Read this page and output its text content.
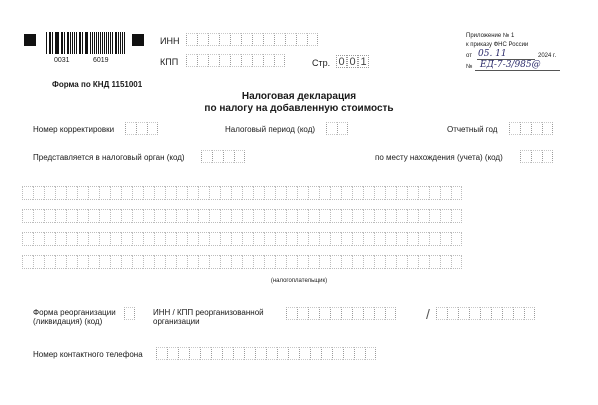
0031	6019
ИНН
КПП	Стр. 0 0 1
Приложение № 1
к приказу ФНС России
от 05. 11	2024 г.
№ ЕД-7-3/985@
Форма по КНД 1151001
Налоговая декларация
по налогу на добавленную стоимость
Номер корректировки	Налоговый период (код)	Отчетный год
Представляется в налоговый орган (код)	по месту нахождения (учета) (код)
(налогоплательщик)
Форма реорганизации
(ликвидация) (код)
ИНН / КПП реорганизованной
организации	/
Номер контактного телефона
